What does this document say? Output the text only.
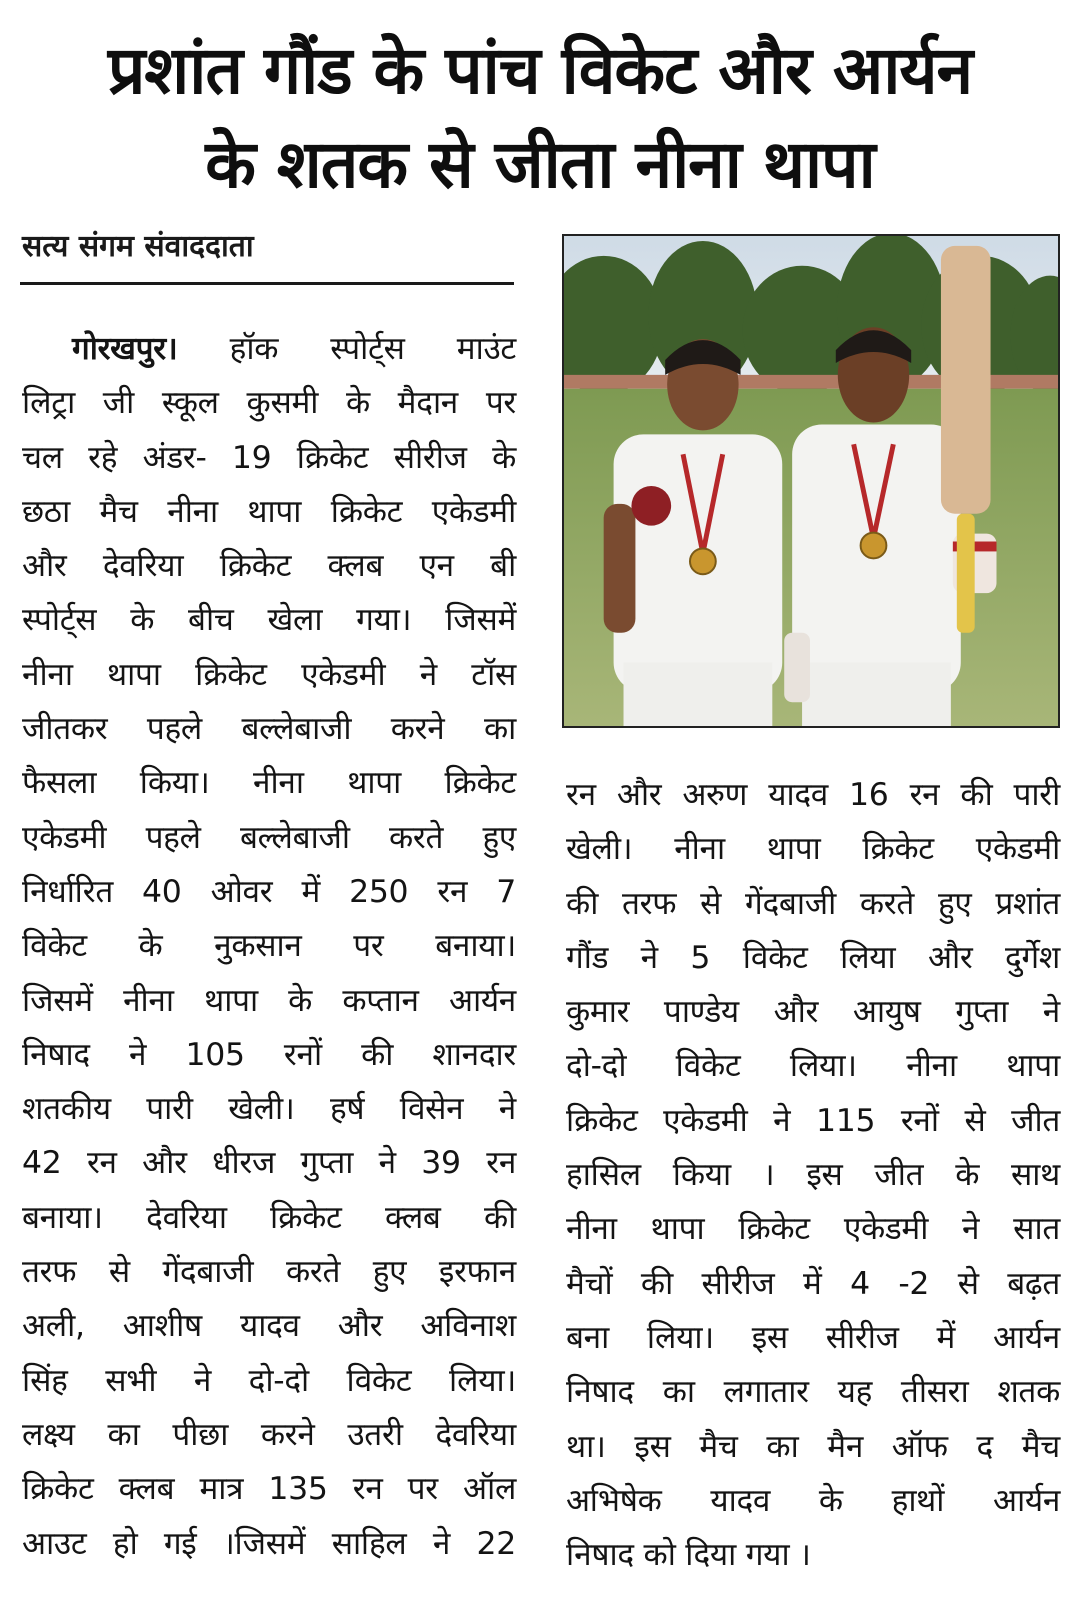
प्रशांत गौंड के पांच विकेट और आर्यन
के शतक से जीता नीना थापा
सत्य संगम संवाददाता
गोरखपुर। हॉक स्पोर्ट्स माउंट
लिट्रा जी स्कूल कुसमी के मैदान पर
चल रहे अंडर- 19 क्रिकेट सीरीज के
छठा मैच नीना थापा क्रिकेट एकेडमी
और देवरिया क्रिकेट क्लब एन बी
स्पोर्ट्स के बीच खेला गया। जिसमें
नीना थापा क्रिकेट एकेडमी ने टॉस
जीतकर पहले बल्लेबाजी करने का
फैसला किया। नीना थापा क्रिकेट
एकेडमी पहले बल्लेबाजी करते हुए
निर्धारित 40 ओवर में 250 रन 7
विकेट के नुकसान पर बनाया।
जिसमें नीना थापा के कप्तान आर्यन
निषाद ने 105 रनों की शानदार
शतकीय पारी खेली। हर्ष विसेन ने
42 रन और धीरज गुप्ता ने 39 रन
बनाया। देवरिया क्रिकेट क्लब की
तरफ से गेंदबाजी करते हुए इरफान
अली, आशीष यादव और अविनाश
सिंह सभी ने दो-दो विकेट लिया।
लक्ष्य का पीछा करने उतरी देवरिया
क्रिकेट क्लब मात्र 135 रन पर ऑल
आउट हो गई ।जिसमें साहिल ने 22
रन और अरुण यादव 16 रन की पारी
खेली। नीना थापा क्रिकेट एकेडमी
की तरफ से गेंदबाजी करते हुए प्रशांत
गौंड ने 5 विकेट लिया और दुर्गेश
कुमार पाण्डेय और आयुष गुप्ता ने
दो-दो विकेट लिया। नीना थापा
क्रिकेट एकेडमी ने 115 रनों से जीत
हासिल किया । इस जीत के साथ
नीना थापा क्रिकेट एकेडमी ने सात
मैचों की सीरीज में 4 -2 से बढ़त
बना लिया। इस सीरीज में आर्यन
निषाद का लगातार यह तीसरा शतक
था। इस मैच का मैन ऑफ द मैच
अभिषेक यादव के हाथों आर्यन
निषाद को दिया गया ।
